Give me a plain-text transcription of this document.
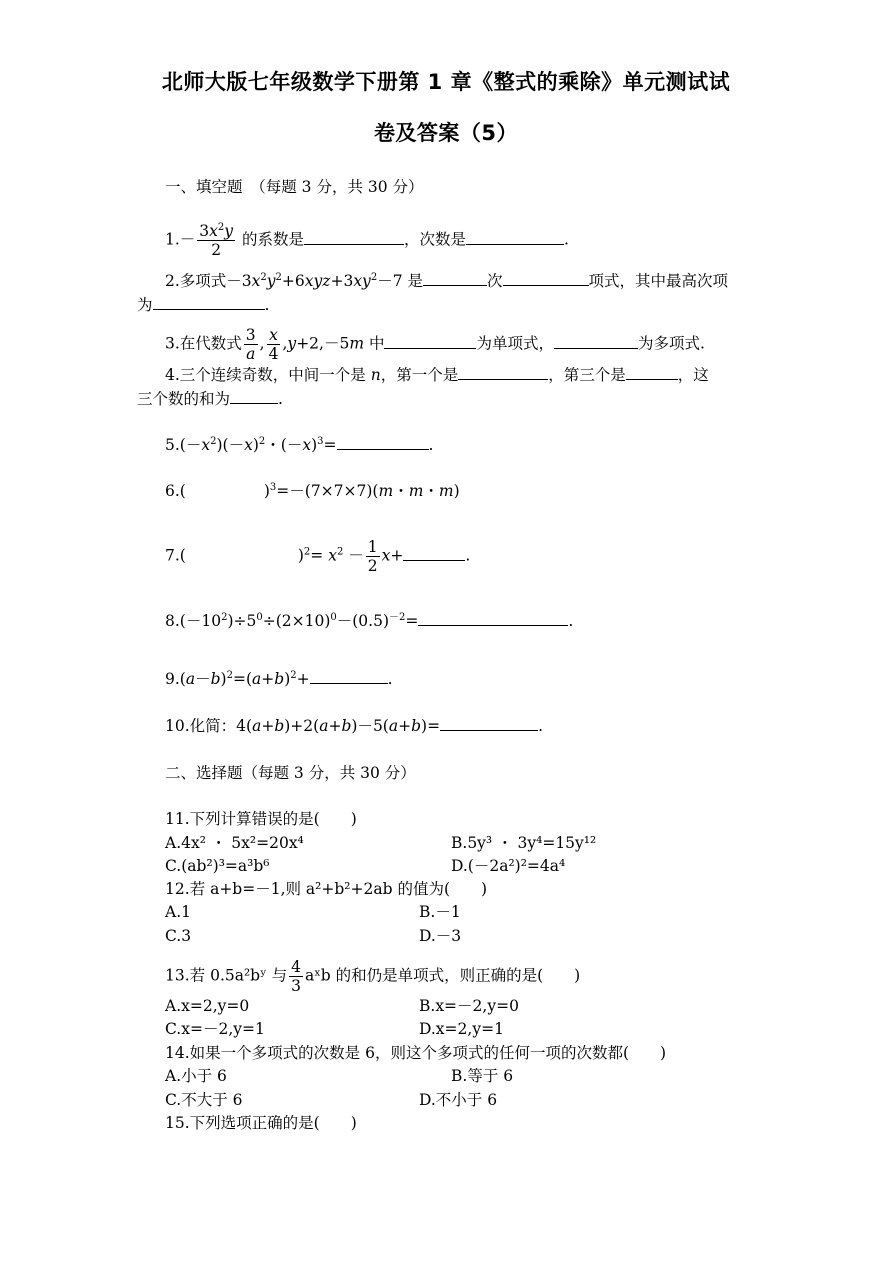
北师大版七年级数学下册第 1 章《整式的乘除》单元测试试
卷及答案（5）
一、填空题　（每题 3 分，共 30 分）
$1.- \frac{3x^2y}{2}$ 的系数是	，次数是	.
2.多项式$-3x^2y^2+6xyz+3xy^2-7$ 是	次	项式，其中最高次项
为	.
3.在代数式 $\frac{3}{a}$ , $\frac{x}{4} ,y+2,-5m$ 中	为单项式，	为多项式.
4.三个连续奇数，中间一个是 n，第一个是	，第三个是	，这
三个数的和为	.
$5.(-x^2)(-x)^2$・$(-x)^3=$	.
6.(	)$^3$=－(7×7×7)(m・m・m)
7.(	)$^2= x^2 - \frac{1}{2} x+$	.
$8.(-10^2)\div 5^0\div(2\times 10)^0-(0.5)^{-2}=$	.
$9.(a-b)^2=(a+b)^2+$	.
10.化简：4(a+b)+2(a+b)－5(a+b)=	.
二、选择题（每题 3 分，共 30 分）
11.下列计算错误的是(　　)
A.4x² ・ 5x²=20x⁴	B.5y³ ・ 3y⁴=15y¹²
C.(ab²)³=a³b⁶	D.(－2a²)²=4a⁴
12.若 a+b=－1,则 a²+b²+2ab 的值为(　　)
A.1	B.－1
C.3	D.－3
13.若 0.5a²bʸ 与 $\frac{4}{3}$ aˣb 的和仍是单项式，则正确的是(　　)
A.x=2,y=0	B.x=－2,y=0
C.x=－2,y=1	D.x=2,y=1
14.如果一个多项式的次数是 6，则这个多项式的任何一项的次数都(　　)
A.小于 6	B.等于 6
C.不大于 6	D.不小于 6
15.下列选项正确的是(　　)
